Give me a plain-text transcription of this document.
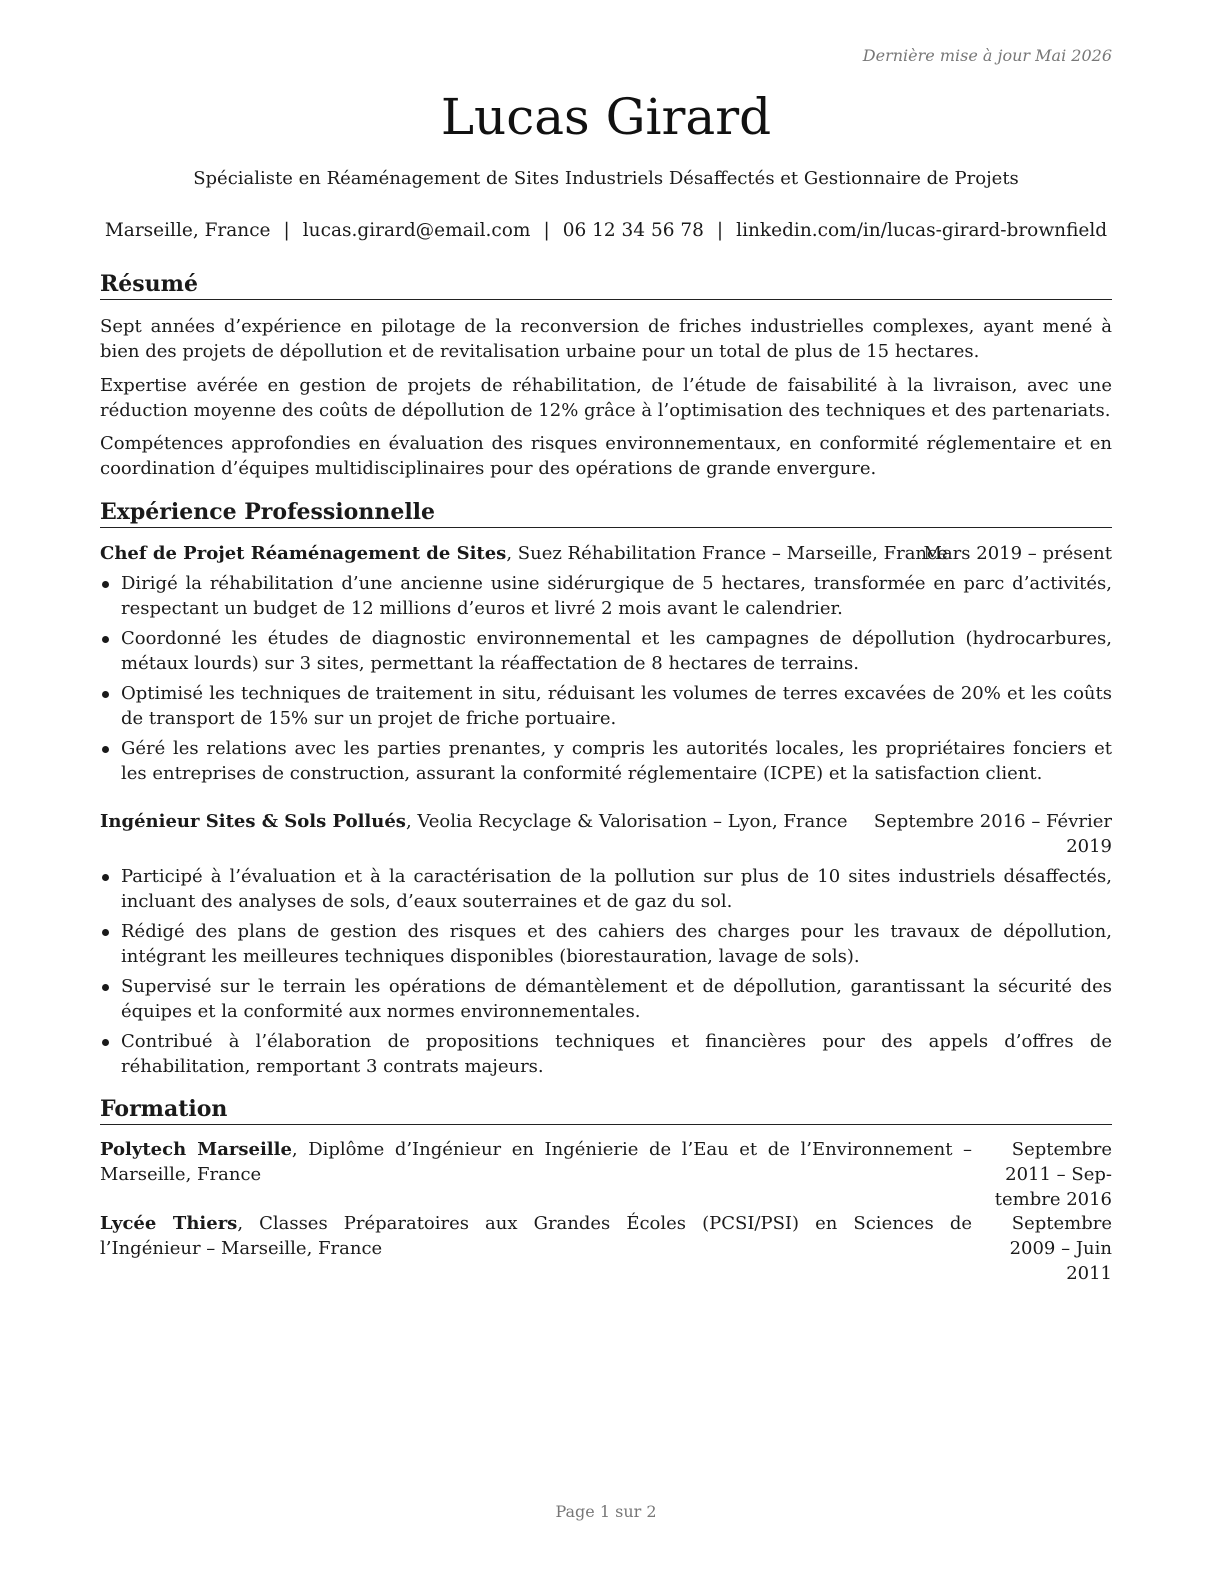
Dernière mise à jour Mai 2026
Lucas Girard
Spécialiste en Réaménagement de Sites Industriels Désaffectés et Gestionnaire de Projets
Marseille, France | lucas.girard@email.com | 06 12 34 56 78 | linkedin.com/in/lucas-girard-brownfield
Résumé
Sept années d’expérience en pilotage de la reconversion de friches industrielles complexes, ayant mené à bien des projets de dépollution et de revitalisation urbaine pour un total de plus de 15 hectares.
Expertise avérée en gestion de projets de réhabilitation, de l’étude de faisabilité à la livraison, avec une réduction moyenne des coûts de dépollution de 12% grâce à l’optimisation des techniques et des partenariats.
Compétences approfondies en évaluation des risques environnementaux, en conformité réglementaire et en coordination d’équipes multidisciplinaires pour des opérations de grande envergure.
Expérience Professionnelle
Chef de Projet Réaménagement de Sites, Suez Réhabilitation France – Marseille, France
Mars 2019 – présent
Dirigé la réhabilitation d’une ancienne usine sidérurgique de 5 hectares, transformée en parc d’activités, respectant un budget de 12 millions d’euros et livré 2 mois avant le calendrier.
Coordonné les études de diagnostic environnemental et les campagnes de dépollution (hydrocarbures, métaux lourds) sur 3 sites, permettant la réaffectation de 8 hectares de terrains.
Optimisé les techniques de traitement in situ, réduisant les volumes de terres excavées de 20% et les coûts de transport de 15% sur un projet de friche portuaire.
Géré les relations avec les parties prenantes, y compris les autorités locales, les propriétaires fonciers et les entreprises de construction, assurant la conformité réglementaire (ICPE) et la satisfaction client.
Ingénieur Sites & Sols Pollués, Veolia Recyclage & Valorisation – Lyon, France Septembre 2016 – Février
2019
Participé à l’évaluation et à la caractérisation de la pollution sur plus de 10 sites industriels désaffectés, incluant des analyses de sols, d’eaux souterraines et de gaz du sol.
Rédigé des plans de gestion des risques et des cahiers des charges pour les travaux de dépollution, intégrant les meilleures techniques disponibles (biorestauration, lavage de sols).
Supervisé sur le terrain les opérations de démantèlement et de dépollution, garantissant la sécurité des équipes et la conformité aux normes environnementales.
Contribué à l’élaboration de propositions techniques et financières pour des appels d’offres de réhabilitation, remportant 3 contrats majeurs.
Formation
Polytech Marseille, Diplôme d’Ingénieur en Ingénierie de l’Eau et de l’Environnement – Marseille, France
Septembre 2011 – Sep-
tembre 2016
Lycée Thiers, Classes Préparatoires aux Grandes Écoles (PCSI/PSI) en Sciences de l’Ingénieur – Marseille, France
Septembre 2009 – Juin
2011
Page 1 sur 2
